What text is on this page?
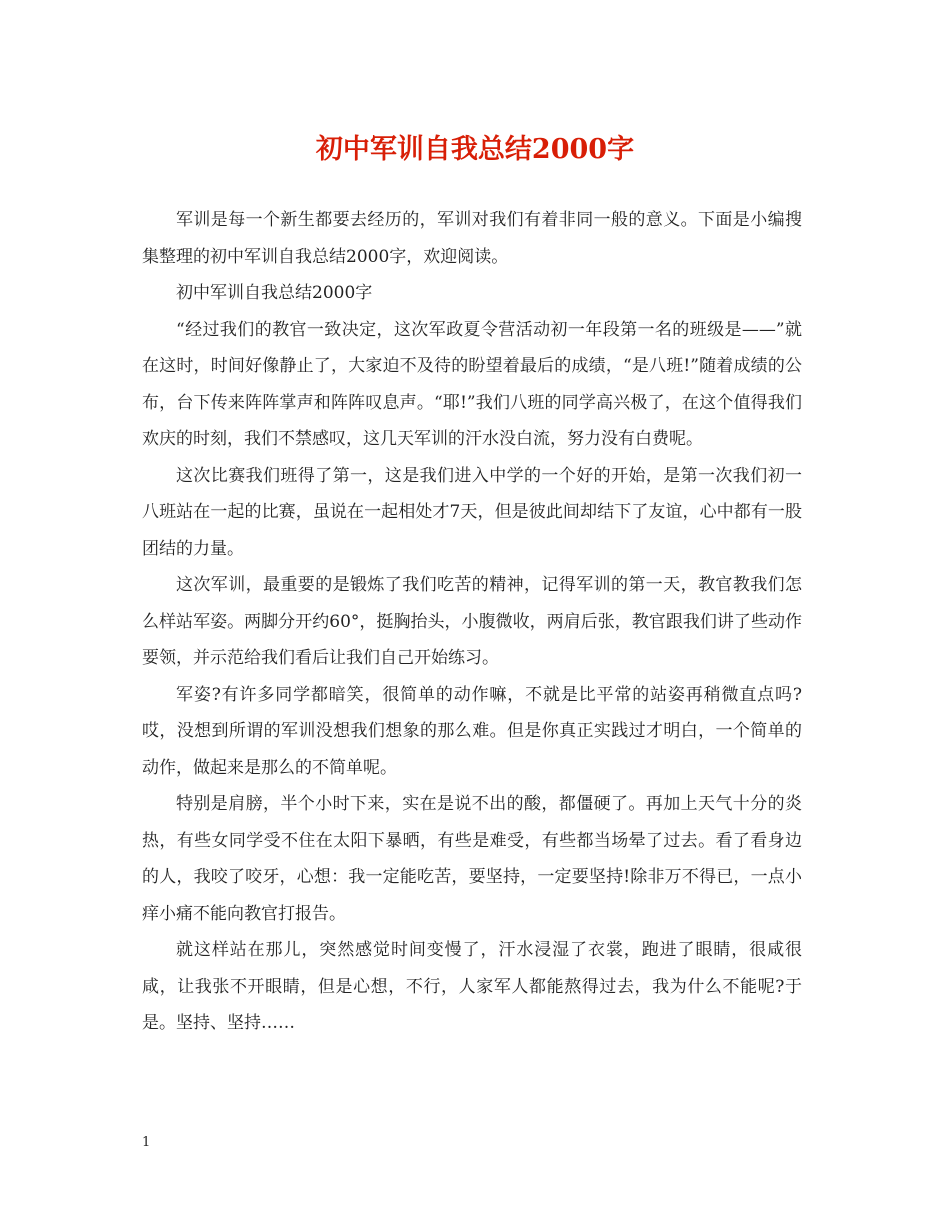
初中军训自我总结2000字

军训是每一个新生都要去经历的，军训对我们有着非同一般的意义。下面是小编搜集整理的初中军训自我总结2000字，欢迎阅读。

初中军训自我总结2000字

“经过我们的教官一致决定，这次军政夏令营活动初一年段第一名的班级是——”就在这时，时间好像静止了，大家迫不及待的盼望着最后的成绩，“是八班!”随着成绩的公布，台下传来阵阵掌声和阵阵叹息声。“耶!”我们八班的同学高兴极了，在这个值得我们欢庆的时刻，我们不禁感叹，这几天军训的汗水没白流，努力没有白费呢。

这次比赛我们班得了第一，这是我们进入中学的一个好的开始，是第一次我们初一八班站在一起的比赛，虽说在一起相处才7天，但是彼此间却结下了友谊，心中都有一股团结的力量。

这次军训，最重要的是锻炼了我们吃苦的精神，记得军训的第一天，教官教我们怎么样站军姿。两脚分开约60°，挺胸抬头，小腹微收，两肩后张，教官跟我们讲了些动作要领，并示范给我们看后让我们自己开始练习。

军姿?有许多同学都暗笑，很简单的动作嘛，不就是比平常的站姿再稍微直点吗?哎，没想到所谓的军训没想我们想象的那么难。但是你真正实践过才明白，一个简单的动作，做起来是那么的不简单呢。

特别是肩膀，半个小时下来，实在是说不出的酸，都僵硬了。再加上天气十分的炎热，有些女同学受不住在太阳下暴晒，有些是难受，有些都当场晕了过去。看了看身边的人，我咬了咬牙，心想：我一定能吃苦，要坚持，一定要坚持!除非万不得已，一点小痒小痛不能向教官打报告。

就这样站在那儿，突然感觉时间变慢了，汗水浸湿了衣裳，跑进了眼睛，很咸很咸，让我张不开眼睛，但是心想，不行，人家军人都能熬得过去，我为什么不能呢?于是。坚持、坚持……

1
